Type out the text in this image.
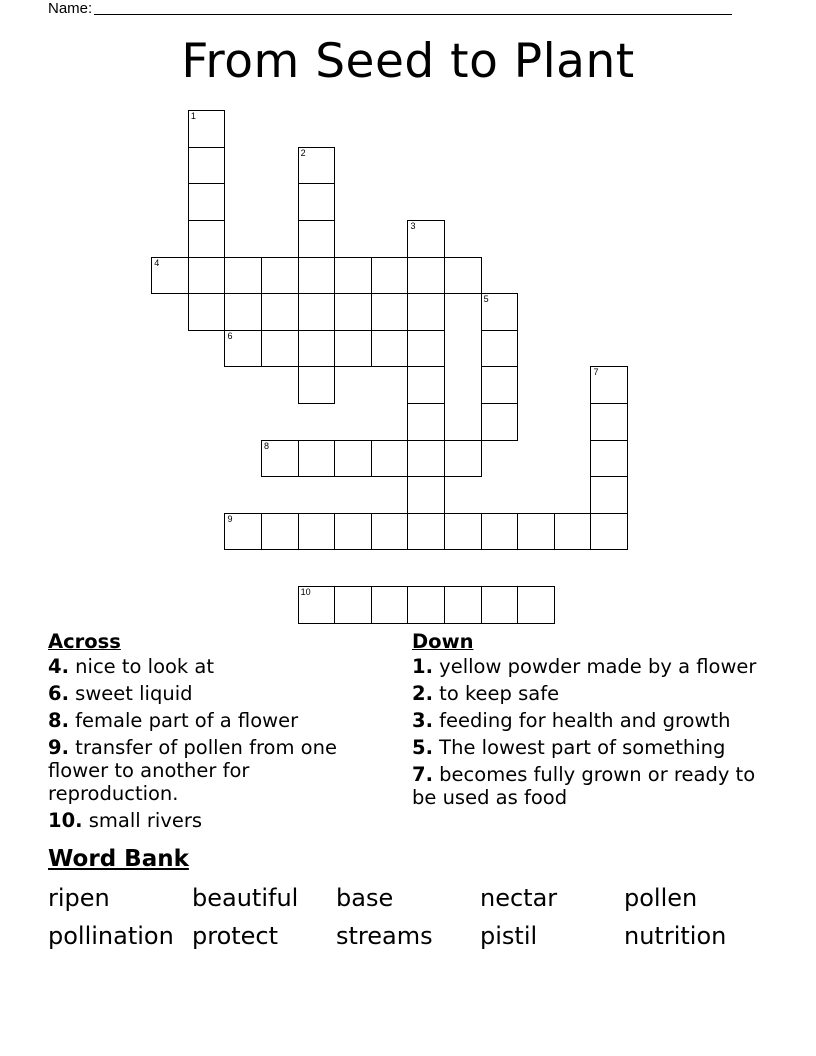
Name:
From Seed to Plant
1
2
3
4
5
6
7
8
9
10
Across
4. nice to look at
6. sweet liquid
8. female part of a flower
9. transfer of pollen from one flower to another for reproduction.
10. small rivers
Down
1. yellow powder made by a flower
2. to keep safe
3. feeding for health and growth
5. The lowest part of something
7. becomes fully grown or ready to be used as food
Word Bank
ripen	beautiful	base	nectar	pollen
pollination protect	streams	pistil	nutrition
